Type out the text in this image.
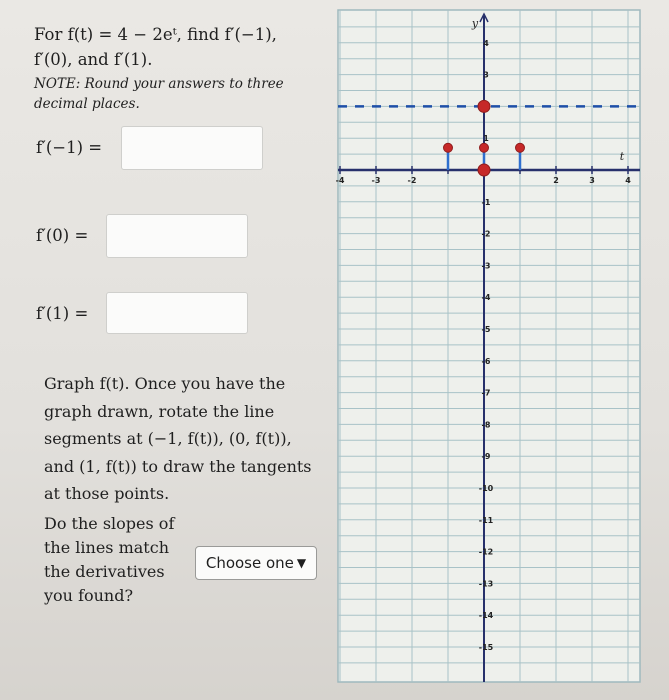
For f(t) = 4 − 2eᵗ, find f′(−1),
f′(0), and f′(1).
NOTE: Round your answers to three
decimal places.
f′(−1) =
f′(0) =
f′(1) =
Graph f(t). Once you have the
graph drawn, rotate the line
segments at (−1, f(t)), (0, f(t)),
and (1, f(t)) to draw the tangents
at those points.
Do the slopes of
the lines match
the derivatives
you found?
Choose one ▼
-4	-3	-2	2	3	4
4
3
1
-1
-2
-3
-4
-5
-6
-7
-8
-9
-10
-11
-12
-13
-14
-15
t
y
